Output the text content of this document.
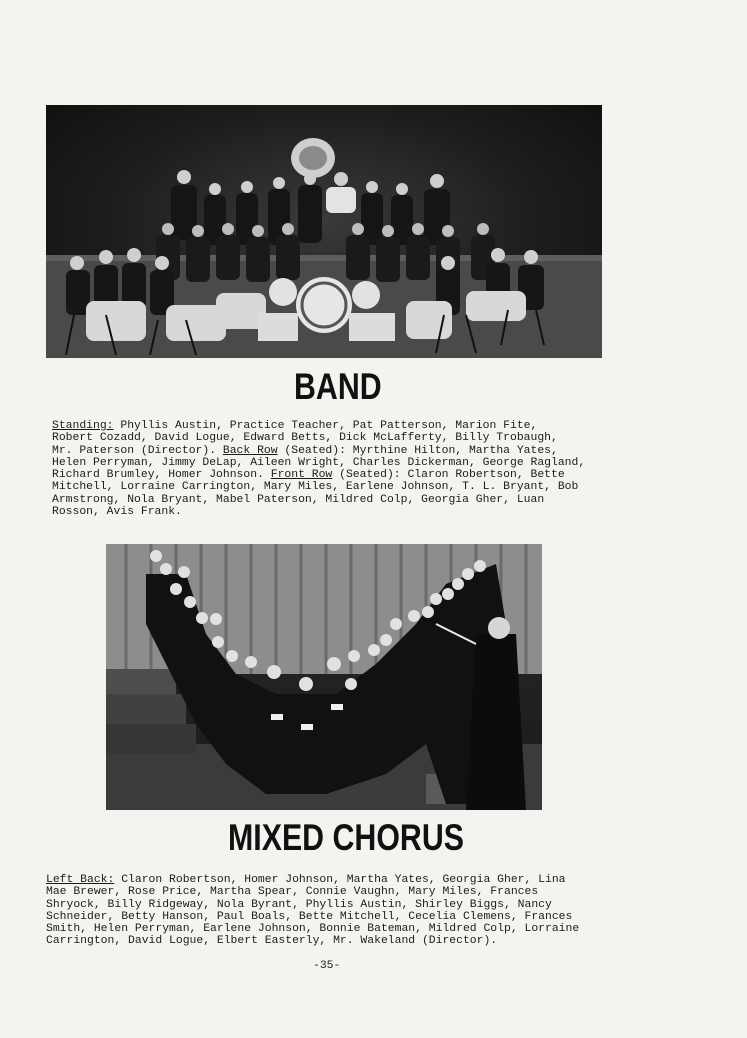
BAND

Standing: Phyllis Austin, Practice Teacher, Pat Patterson, Marion Fite,
Robert Cozadd, David Logue, Edward Betts, Dick McLafferty, Billy Trobaugh,
Mr. Paterson (Director). Back Row (Seated): Myrthine Hilton, Martha Yates,
Helen Perryman, Jimmy DeLap, Aileen Wright, Charles Dickerman, George Ragland,
Richard Brumley, Homer Johnson. Front Row (Seated): Claron Robertson, Bette
Mitchell, Lorraine Carrington, Mary Miles, Earlene Johnson, T. L. Bryant, Bob
Armstrong, Nola Bryant, Mabel Paterson, Mildred Colp, Georgia Gher, Luan
Rosson, Avis Frank.

MIXED CHORUS

Left Back: Claron Robertson, Homer Johnson, Martha Yates, Georgia Gher, Lina
Mae Brewer, Rose Price, Martha Spear, Connie Vaughn, Mary Miles, Frances
Shryock, Billy Ridgeway, Nola Byrant, Phyllis Austin, Shirley Biggs, Nancy
Schneider, Betty Hanson, Paul Boals, Bette Mitchell, Cecelia Clemens, Frances
Smith, Helen Perryman, Earlene Johnson, Bonnie Bateman, Mildred Colp, Lorraine
Carrington, David Logue, Elbert Easterly, Mr. Wakeland (Director).

-35-
